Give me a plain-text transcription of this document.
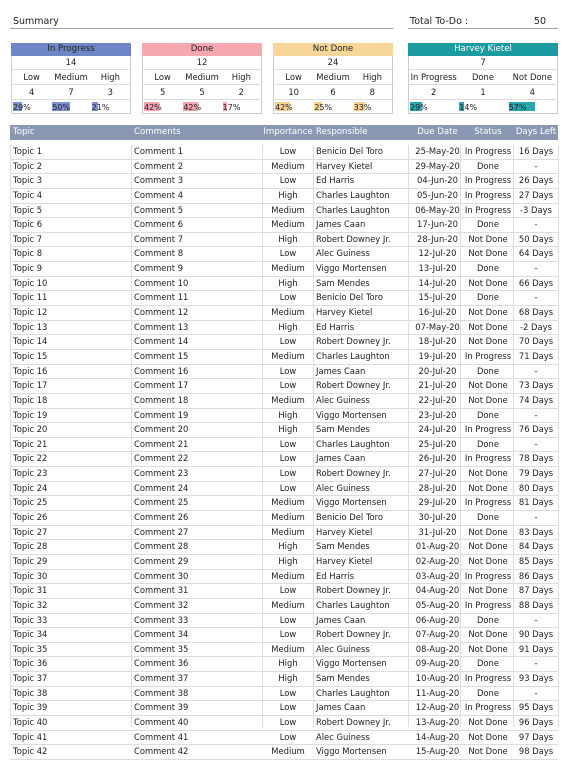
Summary	Total To-Do :	50
In Progress
14
Low	Medium	High
4	7	3
29%	50%	21%
Done
12
Low	Medium	High
5	5	2
42%	42%	17%
Not Done
24
Low	Medium	High
10	6	8
42%	25%	33%
Harvey Kietel
7
In Progress	Done	Not Done
2	1	4
29%	14%	57%
Topic	Comments	Importance Responsible	Due Date	Status	Days Left
Topic 1	Comment 1	Low	Benicio Del Toro	25-May-20 In Progress 16 Days
Topic 2	Comment 2	Medium	Harvey Kietel	29-May-20	Done	-
Topic 3	Comment 3	Low	Ed Harris	04-Jun-20 In Progress 26 Days
Topic 4	Comment 4	High	Charles Laughton	05-Jun-20 In Progress 27 Days
Topic 5	Comment 5	Medium	Charles Laughton	06-May-20 In Progress	-3 Days
Topic 6	Comment 6	Medium	James Caan	17-Jun-20	Done	-
Topic 7	Comment 7	High	Robert Downey Jr.	28-Jun-20	Not Done	50 Days
Topic 8	Comment 8	Low	Alec Guiness	12-Jul-20	Not Done	64 Days
Topic 9	Comment 9	Medium	Viggo Mortensen	13-Jul-20	Done	-
Topic 10	Comment 10	High	Sam Mendes	14-Jul-20	Not Done	66 Days
Topic 11	Comment 11	Low	Benicio Del Toro	15-Jul-20	Done	-
Topic 12	Comment 12	Medium	Harvey Kietel	16-Jul-20	Not Done	68 Days
Topic 13	Comment 13	High	Ed Harris	07-May-20	Not Done	-2 Days
Topic 14	Comment 14	Low	Robert Downey Jr.	18-Jul-20	Not Done	70 Days
Topic 15	Comment 15	Medium	Charles Laughton	19-Jul-20	In Progress 71 Days
Topic 16	Comment 16	Low	James Caan	20-Jul-20	Done	-
Topic 17	Comment 17	Low	Robert Downey Jr.	21-Jul-20	Not Done	73 Days
Topic 18	Comment 18	Medium	Alec Guiness	22-Jul-20	Not Done	74 Days
Topic 19	Comment 19	High	Viggo Mortensen	23-Jul-20	Done	-
Topic 20	Comment 20	High	Sam Mendes	24-Jul-20	In Progress 76 Days
Topic 21	Comment 21	Low	Charles Laughton	25-Jul-20	Done	-
Topic 22	Comment 22	Low	James Caan	26-Jul-20	In Progress 78 Days
Topic 23	Comment 23	Low	Robert Downey Jr.	27-Jul-20	Not Done	79 Days
Topic 24	Comment 24	Low	Alec Guiness	28-Jul-20	Not Done	80 Days
Topic 25	Comment 25	Medium	Viggo Mortensen	29-Jul-20	In Progress 81 Days
Topic 26	Comment 26	Medium	Benicio Del Toro	30-Jul-20	Done	-
Topic 27	Comment 27	Medium	Harvey Kietel	31-Jul-20	Not Done	83 Days
Topic 28	Comment 28	High	Sam Mendes	01-Aug-20	Not Done	84 Days
Topic 29	Comment 29	High	Harvey Kietel	02-Aug-20	Not Done	85 Days
Topic 30	Comment 30	Medium	Ed Harris	03-Aug-20 In Progress 86 Days
Topic 31	Comment 31	Low	Robert Downey Jr.	04-Aug-20	Not Done	87 Days
Topic 32	Comment 32	Medium	Charles Laughton	05-Aug-20 In Progress 88 Days
Topic 33	Comment 33	Low	James Caan	06-Aug-20	Done	-
Topic 34	Comment 34	Low	Robert Downey Jr.	07-Aug-20	Not Done	90 Days
Topic 35	Comment 35	Medium	Alec Guiness	08-Aug-20	Not Done	91 Days
Topic 36	Comment 36	High	Viggo Mortensen	09-Aug-20	Done	-
Topic 37	Comment 37	High	Sam Mendes	10-Aug-20 In Progress 93 Days
Topic 38	Comment 38	Low	Charles Laughton	11-Aug-20	Done	-
Topic 39	Comment 39	Low	James Caan	12-Aug-20 In Progress 95 Days
Topic 40	Comment 40	Low	Robert Downey Jr.	13-Aug-20	Not Done	96 Days
Topic 41	Comment 41	Low	Alec Guiness	14-Aug-20	Not Done	97 Days
Topic 42	Comment 42	Medium	Viggo Mortensen	15-Aug-20	Not Done	98 Days
